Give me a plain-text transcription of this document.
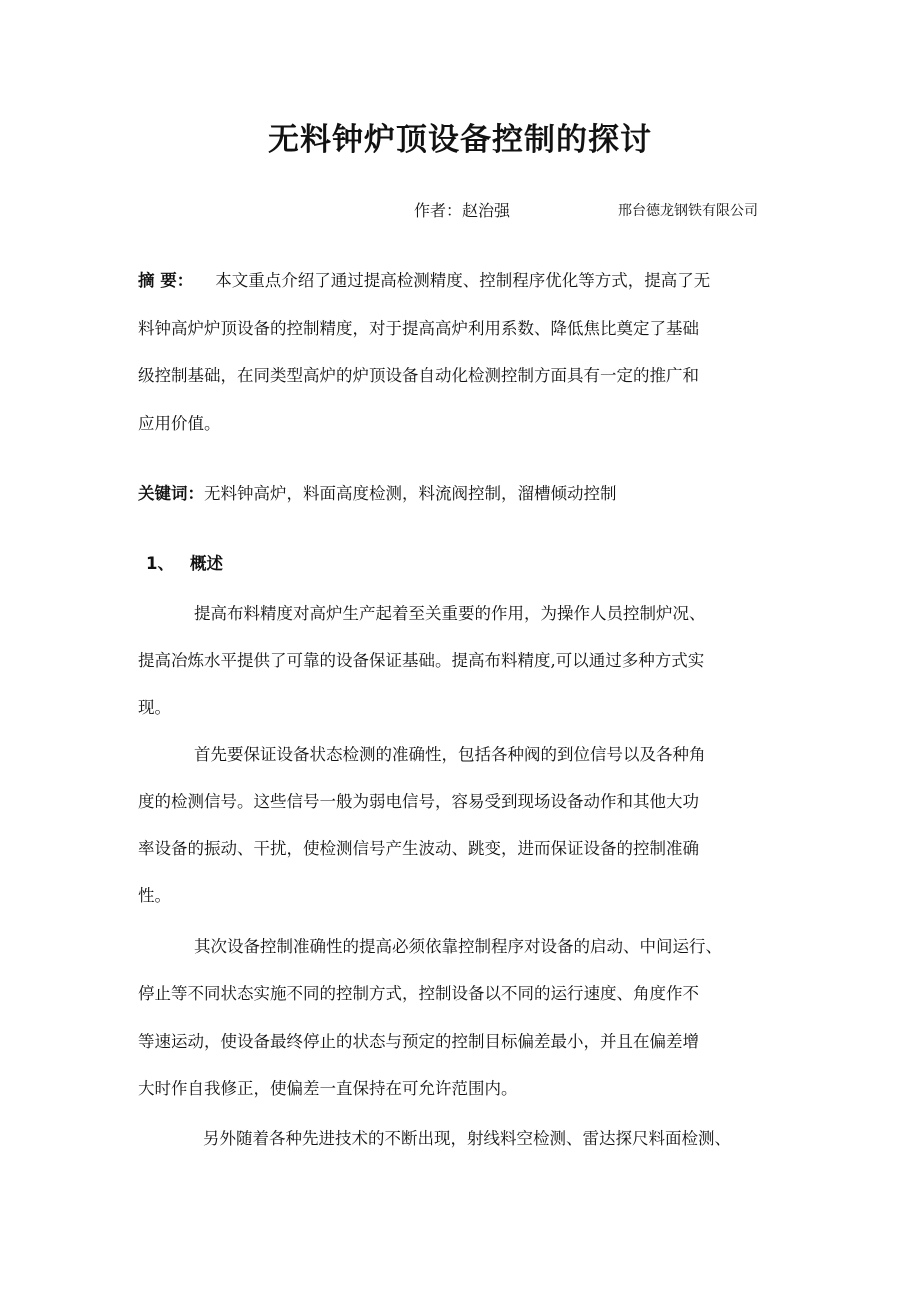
无料钟炉顶设备控制的探讨
作者：赵治强	邢台德龙钢铁有限公司
摘 要： 本文重点介绍了通过提高检测精度、控制程序优化等方式，提高了无
料钟高炉炉顶设备的控制精度，对于提高高炉利用系数、降低焦比奠定了基础
级控制基础，在同类型高炉的炉顶设备自动化检测控制方面具有一定的推广和
应用价值。
关键词：无料钟高炉，料面高度检测，料流阀控制，溜槽倾动控制
1、 概述
提高布料精度对高炉生产起着至关重要的作用，为操作人员控制炉况、
提高冶炼水平提供了可靠的设备保证基础。提高布料精度,可以通过多种方式实
现。
首先要保证设备状态检测的准确性，包括各种阀的到位信号以及各种角
度的检测信号。这些信号一般为弱电信号，容易受到现场设备动作和其他大功
率设备的振动、干扰，使检测信号产生波动、跳变，进而保证设备的控制准确
性。
其次设备控制准确性的提高必须依靠控制程序对设备的启动、中间运行、
停止等不同状态实施不同的控制方式，控制设备以不同的运行速度、角度作不
等速运动，使设备最终停止的状态与预定的控制目标偏差最小，并且在偏差增
大时作自我修正，使偏差一直保持在可允许范围内。
另外随着各种先进技术的不断出现，射线料空检测、雷达探尺料面检测、
